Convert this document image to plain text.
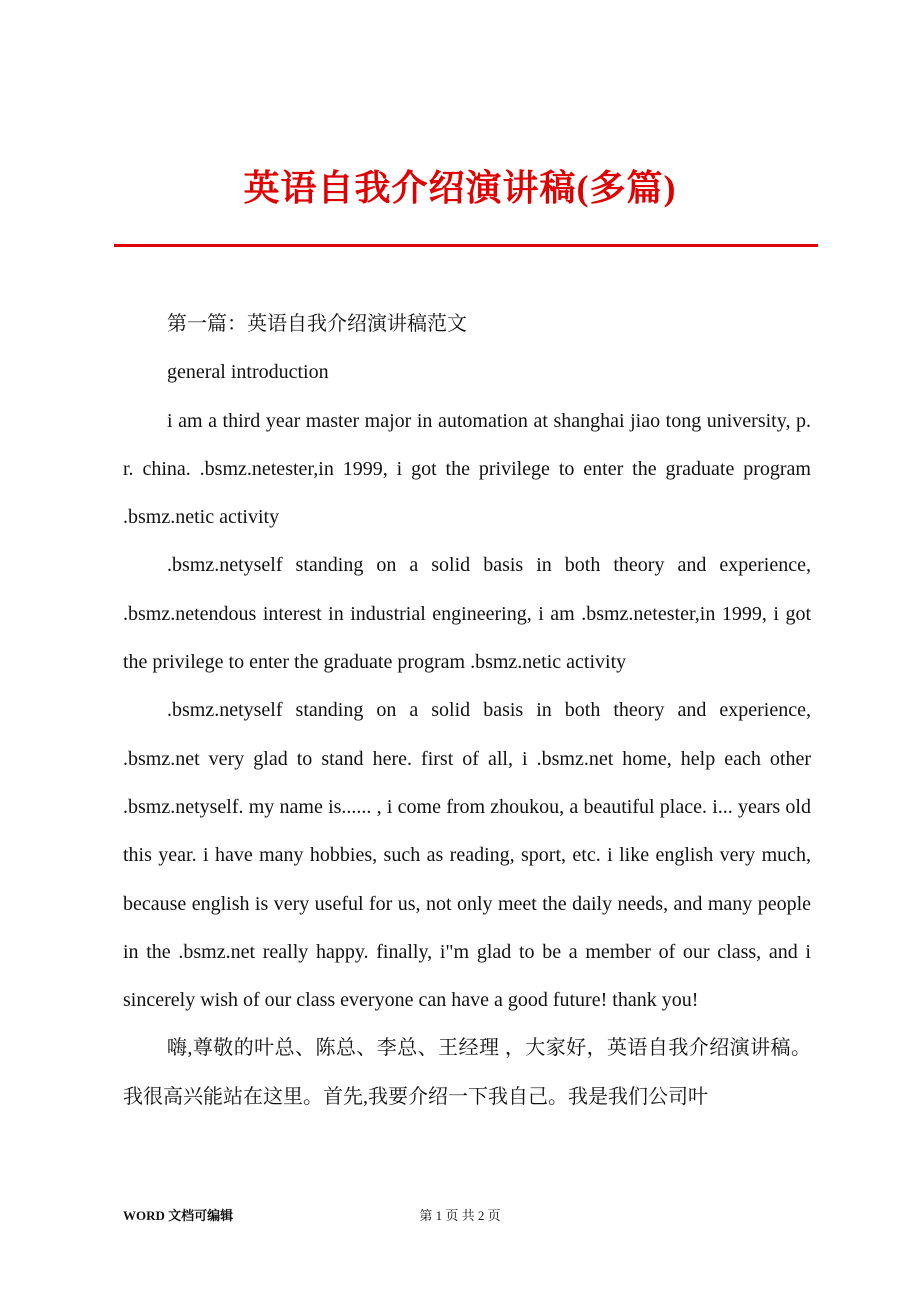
英语自我介绍演讲稿(多篇)

第一篇：英语自我介绍演讲稿范文

general introduction

i am a third year master major in automation at shanghai jiao tong university, p. r. china. .bsmz.netester,in 1999, i got the privilege to enter the graduate program .bsmz.netic activity

.bsmz.netyself standing on a solid basis in both theory and experience, .bsmz.netendous interest in industrial engineering, i am .bsmz.netester,in 1999, i got the privilege to enter the graduate program .bsmz.netic activity

.bsmz.netyself standing on a solid basis in both theory and experience, .bsmz.net very glad to stand here. first of all, i .bsmz.net home, help each other .bsmz.netyself. my name is...... , i come from zhoukou, a beautiful place. i... years old this year. i have many hobbies, such as reading, sport, etc. i like english very much, because english is very useful for us, not only meet the daily needs, and many people in the .bsmz.net really happy. finally, i"m glad to be a member of our class, and i sincerely wish of our class everyone can have a good future! thank you!

嗨,尊敬的叶总、陈总、李总、王经理 ，大家好，英语自我介绍演讲稿。我很高兴能站在这里。首先,我要介绍一下我自己。我是我们公司叶

WORD 文档可编辑	第 1 页 共 2 页
